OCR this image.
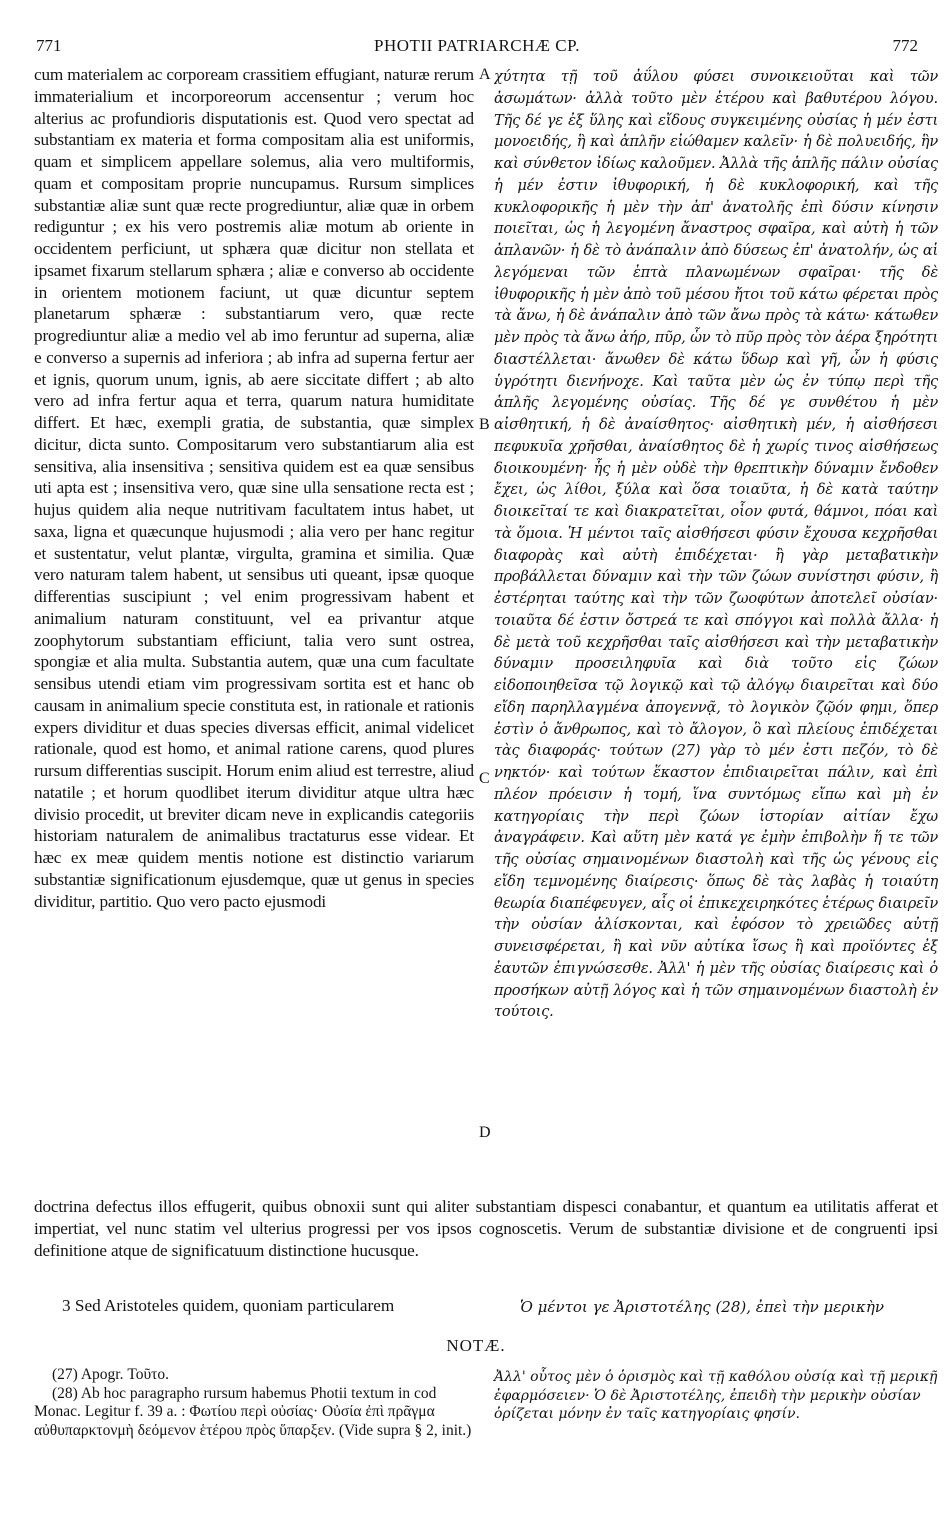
771	PHOTII PATRIARCHÆ CP.	772
cum materialem ac corpoream crassitiem effugiant, naturæ rerum immaterialium et incorporeorum accensentur ; verum hoc alterius ac profundioris disputationis est. Quod vero spectat ad substantiam ex materia et forma compositam alia est uniformis, quam et simplicem appellare solemus, alia vero multiformis, quam et compositam proprie nuncupamus. Rursum simplices substantiæ aliæ sunt quæ recte progrediuntur, aliæ quæ in orbem rediguntur ; ex his vero postremis aliæ motum ab oriente in occidentem perficiunt, ut sphæra quæ dicitur non stellata et ipsamet fixarum stellarum sphæra ; aliæ e converso ab occidente in orientem motionem faciunt, ut quæ dicuntur septem planetarum sphæræ : substantiarum vero, quæ recte progrediuntur aliæ a medio vel ab imo feruntur ad superna, aliæ e converso a supernis ad inferiora ; ab infra ad superna fertur aer et ignis, quorum unum, ignis, ab aere siccitate differt ; ab alto vero ad infra fertur aqua et terra, quarum natura humiditate differt. Et hæc, exempli gratia, de substantia, quæ simplex dicitur, dicta sunto. Compositarum vero substantiarum alia est sensitiva, alia insensitiva ; sensitiva quidem est ea quæ sensibus uti apta est ; insensitiva vero, quæ sine ulla sensatione recta est ; hujus quidem alia neque nutritivam facultatem intus habet, ut saxa, ligna et quæcunque hujusmodi ; alia vero per hanc regitur et sustentatur, velut plantæ, virgulta, gramina et similia. Quæ vero naturam talem habent, ut sensibus uti queant, ipsæ quoque differentias suscipiunt ; vel enim progressivam habent et animalium naturam constituunt, vel ea privantur atque zoophytorum substantiam efficiunt, talia vero sunt ostrea, spongiæ et alia multa. Substantia autem, quæ una cum facultate sensibus utendi etiam vim progressivam sortita est et hanc ob causam in animalium specie constituta est, in rationale et rationis expers dividitur et duas species diversas efficit, animal videlicet rationale, quod est homo, et animal ratione carens, quod plures rursum differentias suscipit. Horum enim aliud est terrestre, aliud natatile ; et horum quodlibet iterum dividitur atque ultra hæc divisio procedit, ut breviter dicam neve in explicandis categoriis historiam naturalem de animalibus tractaturus esse videar. Et hæc ex meæ quidem mentis notione est distinctio variarum substantiæ significationum ejusdemque, quæ ut genus in species dividitur, partitio. Quo vero pacto ejusmodi
χύτητα τῇ τοῦ ἀΰλου φύσει συνοικειοῦται καὶ τῶν ἀσωμάτων· ἀλλὰ τοῦτο μὲν ἑτέρου καὶ βαθυτέρου λόγου. Τῆς δέ γε ἐξ ὕλης καὶ εἴδους συγκειμένης οὐσίας ἡ μέν ἐστι μονοειδής, ἣ καὶ ἁπλῆν εἰώθαμεν καλεῖν· ἡ δὲ πολυειδής, ἣν καὶ σύνθετον ἰδίως καλοῦμεν. Ἀλλὰ τῆς ἁπλῆς πάλιν οὐσίας ἡ μέν ἐστιν ἰθυφορική, ἡ δὲ κυκλοφορική, καὶ τῆς κυκλοφορικῆς ἡ μὲν τὴν ἀπ' ἀνατολῆς ἐπὶ δύσιν κίνησιν ποιεῖται, ὡς ἡ λεγομένη ἄναστρος σφαῖρα, καὶ αὐτὴ ἡ τῶν ἀπλανῶν· ἡ δὲ τὸ ἀνάπαλιν ἀπὸ δύσεως ἐπ' ἀνατολήν, ὡς αἱ λεγόμεναι τῶν ἑπτὰ πλανωμένων σφαῖραι· τῆς δὲ ἰθυφορικῆς ἡ μὲν ἀπὸ τοῦ μέσου ἤτοι τοῦ κάτω φέρεται πρὸς τὰ ἄνω, ἡ δὲ ἀνάπαλιν ἀπὸ τῶν ἄνω πρὸς τὰ κάτω· κάτωθεν μὲν πρὸς τὰ ἄνω ἀήρ, πῦρ, ὧν τὸ πῦρ πρὸς τὸν ἀέρα ξηρότητι διαστέλλεται· ἄνωθεν δὲ κάτω ὕδωρ καὶ γῆ, ὧν ἡ φύσις ὑγρότητι διενήνοχε. Καὶ ταῦτα μὲν ὡς ἐν τύπῳ περὶ τῆς ἁπλῆς λεγομένης οὐσίας. Τῆς δέ γε συνθέτου ἡ μὲν αἰσθητική, ἡ δὲ ἀναίσθητος· αἰσθητικὴ μέν, ἡ αἰσθήσεσι πεφυκυῖα χρῆσθαι, ἀναίσθητος δὲ ἡ χωρίς τινος αἰσθήσεως διοικουμένη· ἧς ἡ μὲν οὐδὲ τὴν θρεπτικὴν δύναμιν ἔνδοθεν ἔχει, ὡς λίθοι, ξύλα καὶ ὅσα τοιαῦτα, ἡ δὲ κατὰ ταύτην διοικεῖταί τε καὶ διακρατεῖται, οἷον φυτά, θάμνοι, πόαι καὶ τὰ ὅμοια. Ἡ μέντοι ταῖς αἰσθήσεσι φύσιν ἔχουσα κεχρῆσθαι διαφορὰς καὶ αὐτὴ ἐπιδέχεται· ἢ γὰρ μεταβατικὴν προβάλλεται δύναμιν καὶ τὴν τῶν ζώων συνίστησι φύσιν, ἢ ἐστέρηται ταύτης καὶ τὴν τῶν ζωοφύτων ἀποτελεῖ οὐσίαν· τοιαῦτα δέ ἐστιν ὄστρεά τε καὶ σπόγγοι καὶ πολλὰ ἄλλα· ἡ δὲ μετὰ τοῦ κεχρῆσθαι ταῖς αἰσθήσεσι καὶ τὴν μεταβατικὴν δύναμιν προσειληφυῖα καὶ διὰ τοῦτο εἰς ζώων εἰδοποιηθεῖσα τῷ λογικῷ καὶ τῷ ἀλόγῳ διαιρεῖται καὶ δύο εἴδη παρηλλαγμένα ἀπογεννᾷ, τὸ λογικὸν ζῷόν φημι, ὅπερ ἐστὶν ὁ ἄνθρωπος, καὶ τὸ ἄλογον, ὃ καὶ πλείους ἐπιδέχεται τὰς διαφοράς· τούτων (27) γὰρ τὸ μέν ἐστι πεζόν, τὸ δὲ νηκτόν· καὶ τούτων ἕκαστον ἐπιδιαιρεῖται πάλιν, καὶ ἐπὶ πλέον πρόεισιν ἡ τομή, ἵνα συντόμως εἴπω καὶ μὴ ἐν κατηγορίαις τὴν περὶ ζώων ἱστορίαν αἰτίαν ἔχω ἀναγράφειν. Καὶ αὕτη μὲν κατά γε ἐμὴν ἐπιβολὴν ἥ τε τῶν τῆς οὐσίας σημαινομένων διαστολὴ καὶ τῆς ὡς γένους εἰς εἴδη τεμνομένης διαίρεσις· ὅπως δὲ τὰς λαβὰς ἡ τοιαύτη θεωρία διαπέφευγεν, αἷς οἱ ἐπικεχειρηκότες ἑτέρως διαιρεῖν τὴν οὐσίαν ἁλίσκονται, καὶ ἐφόσον τὸ χρειῶδες αὐτῇ συνεισφέρεται, ἢ καὶ νῦν αὐτίκα ἴσως ἢ καὶ προϊόντες ἐξ ἑαυτῶν ἐπιγνώσεσθε. Ἀλλ' ἡ μὲν τῆς οὐσίας διαίρεσις καὶ ὁ προσήκων αὐτῇ λόγος καὶ ἡ τῶν σημαινομένων διαστολὴ ἐν τούτοις.
A
B
C
D
doctrina defectus illos effugerit, quibus obnoxii sunt qui aliter substantiam dispesci conabantur, et quantum ea utilitatis afferat et impertiat, vel nunc statim vel ulterius progressi per vos ipsos cognoscetis. Verum de substantiæ divisione et de congruenti ipsi definitione atque de significatuum distinctione hucusque.
3 Sed Aristoteles quidem, quoniam particularem	Ὁ μέντοι γε Ἀριστοτέλης (28), ἐπεὶ τὴν μερικὴν
NOTÆ.
(27) Apogr. Τοῦτο.
(28) Ab hoc paragrapho rursum habemus Photii textum in cod Monac. Legitur f. 39 a. : Φωτίου περὶ οὐσίας· Οὐσία ἐπὶ πρᾶγμα αὐθυπαρκτονμὴ δεόμενον ἑτέρου πρὸς ὕπαρξεν. (Vide supra § 2, init.)
Ἀλλ' οὗτος μὲν ὁ ὁρισμὸς καὶ τῇ καθόλου οὐσίᾳ καὶ τῇ μερικῇ ἐφαρμόσειεν· Ὁ δὲ Ἀριστοτέλης, ἐπειδὴ τὴν μερικὴν οὐσίαν ὁρίζεται μόνην ἐν ταῖς κατηγορίαις φησίν.
